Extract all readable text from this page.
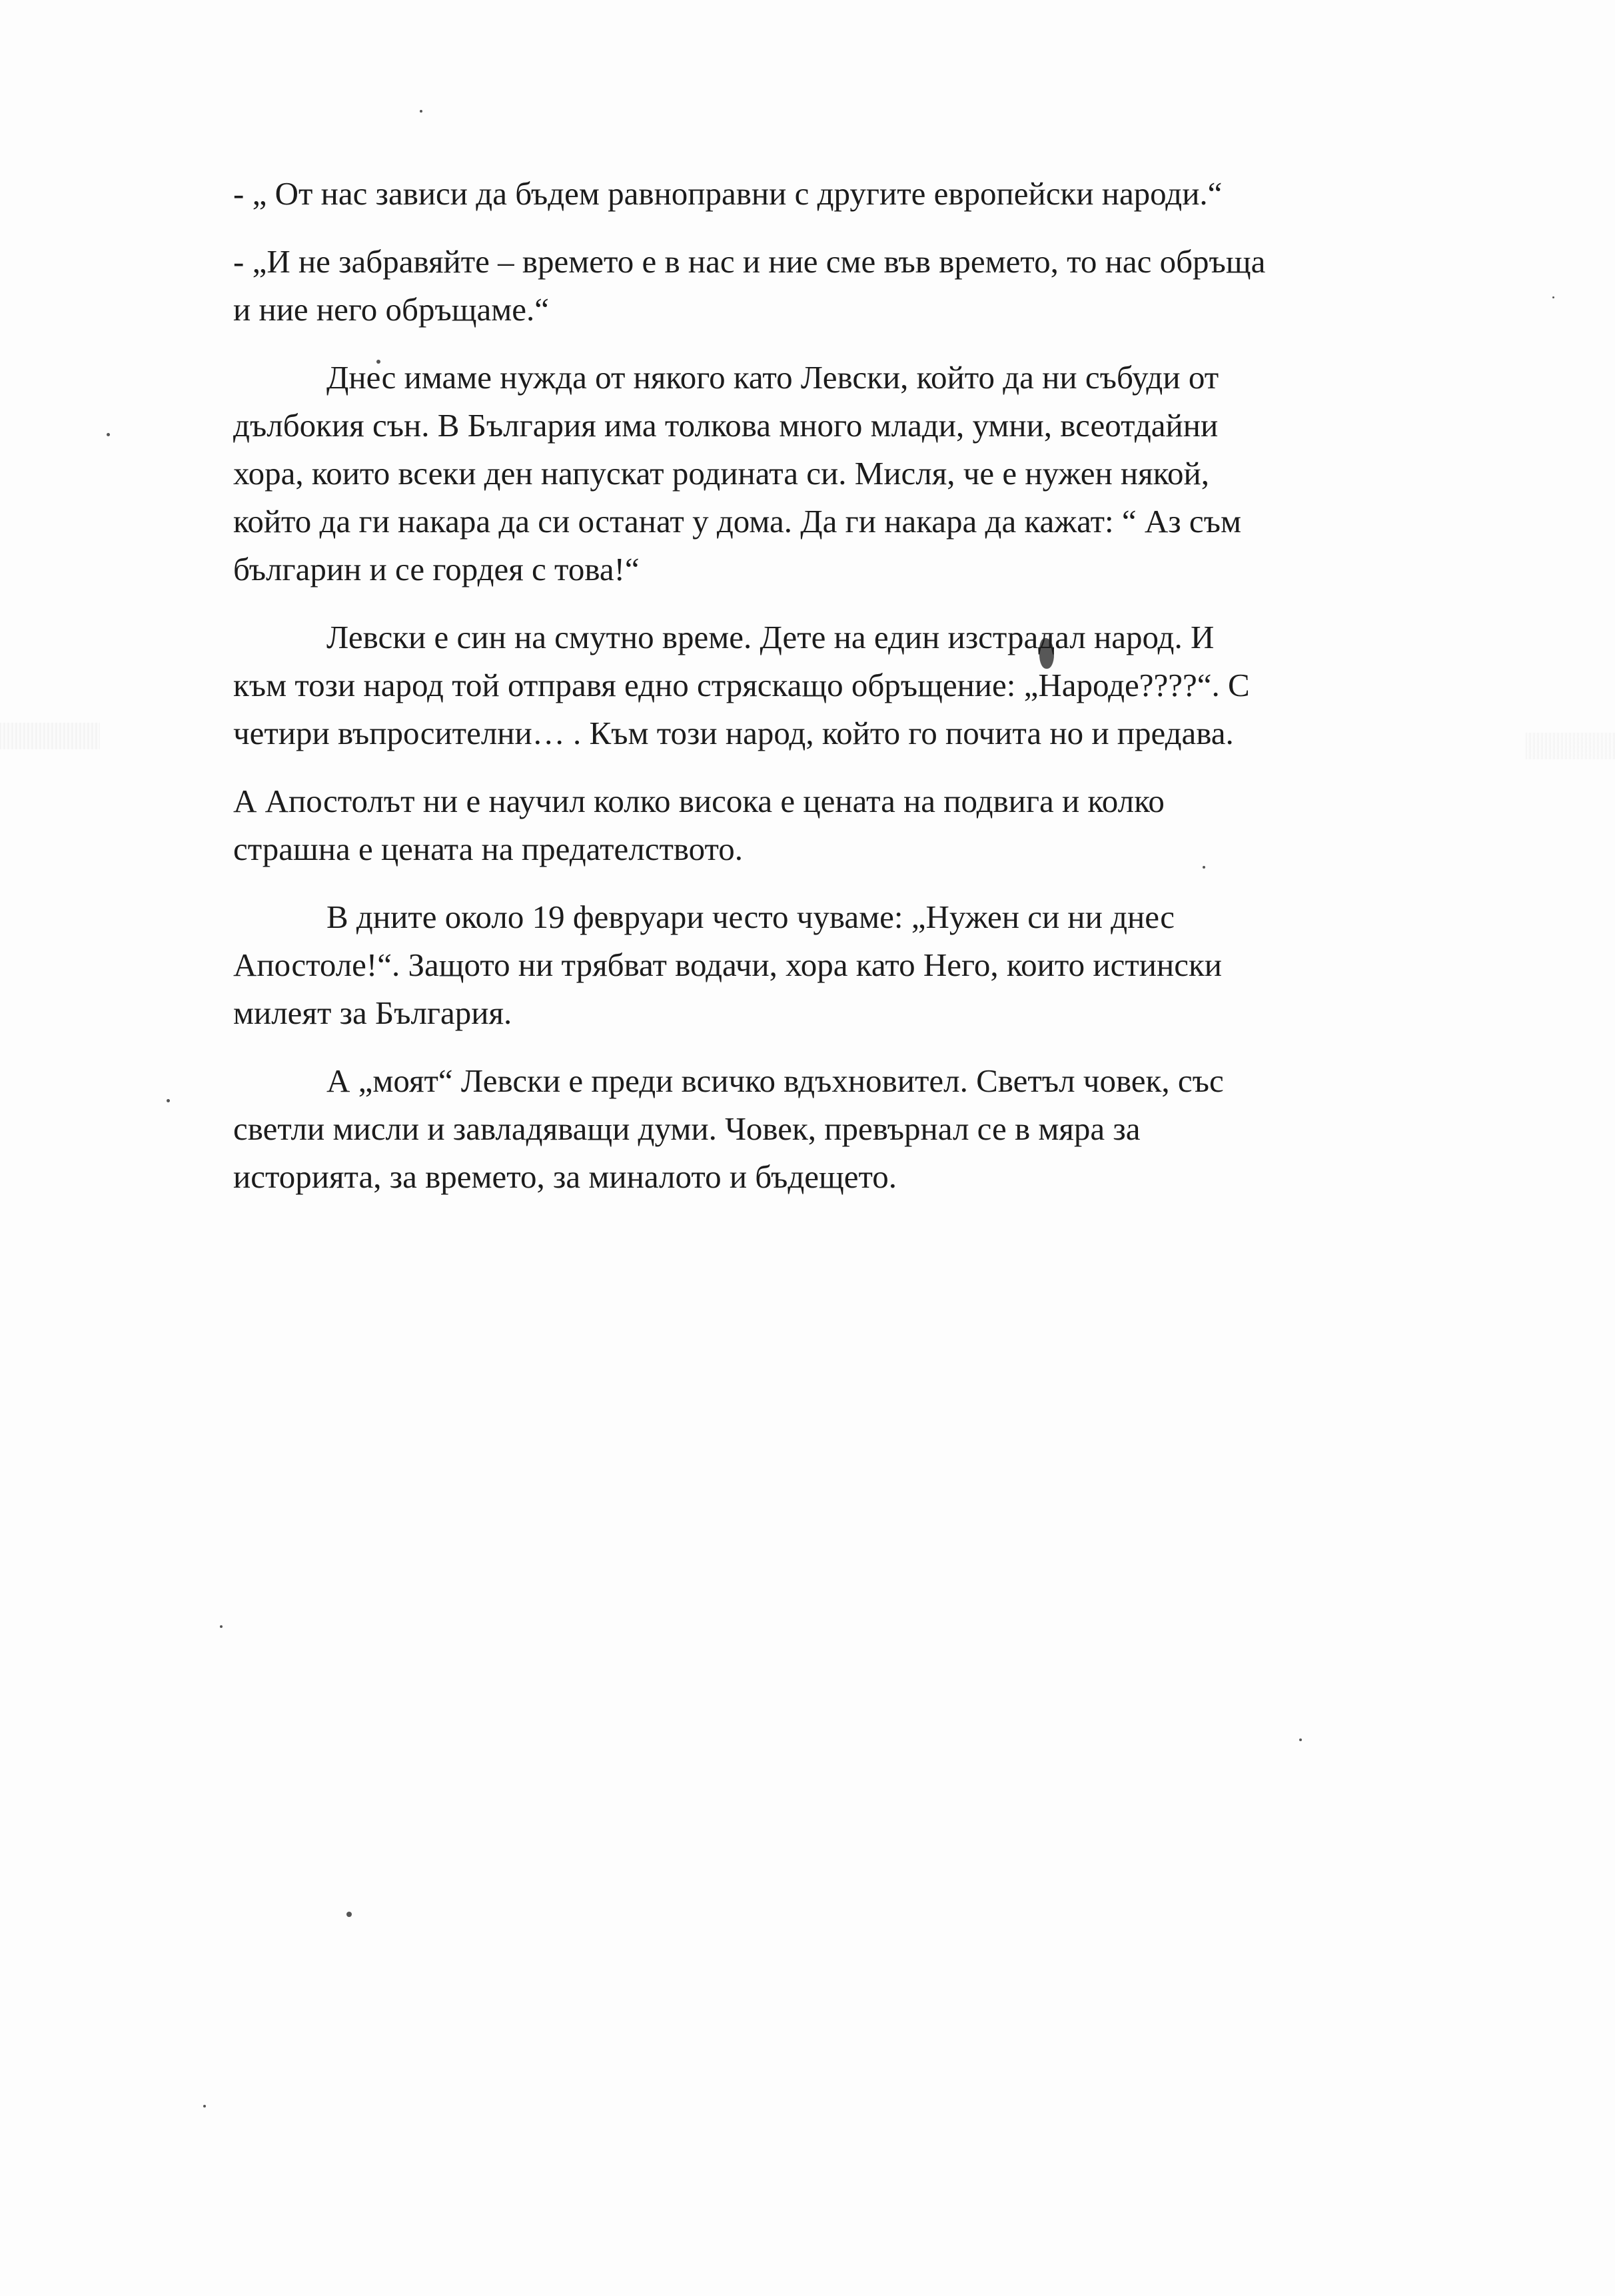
- „ От нас зависи да бъдем равноправни с другите европейски народи.“
- „И не забравяйте – времето е в нас и ние сме във времето, то нас обръща
и ние него обръщаме.“
Днес имаме нужда от някого като Левски, който да ни събуди от
дълбокия сън. В България има толкова много млади, умни, всеотдайни
хора, които всеки ден напускат родината си. Мисля, че е нужен някой,
който да ги накара да си останат у дома. Да ги накара да кажат: “ Аз съм
българин и се гордея с това!“
Левски е син на смутно време. Дете на един изстрадал народ. И
към този народ той отправя едно стряскащо обръщение: „Народе????“. С
четири въпросителни… . Към този народ, който го почита но и предава.
А Апостолът ни е научил колко висока е цената на подвига и колко
страшна е цената на предателството.
В дните около 19 февруари често чуваме: „Нужен си ни днес
Апостоле!“. Защото ни трябват водачи, хора като Него, които истински
милеят за България.
А „моят“ Левски е преди всичко вдъхновител. Светъл човек, със
светли мисли и завладяващи думи. Човек, превърнал се в мяра за
историята, за времето, за миналото и бъдещето.
